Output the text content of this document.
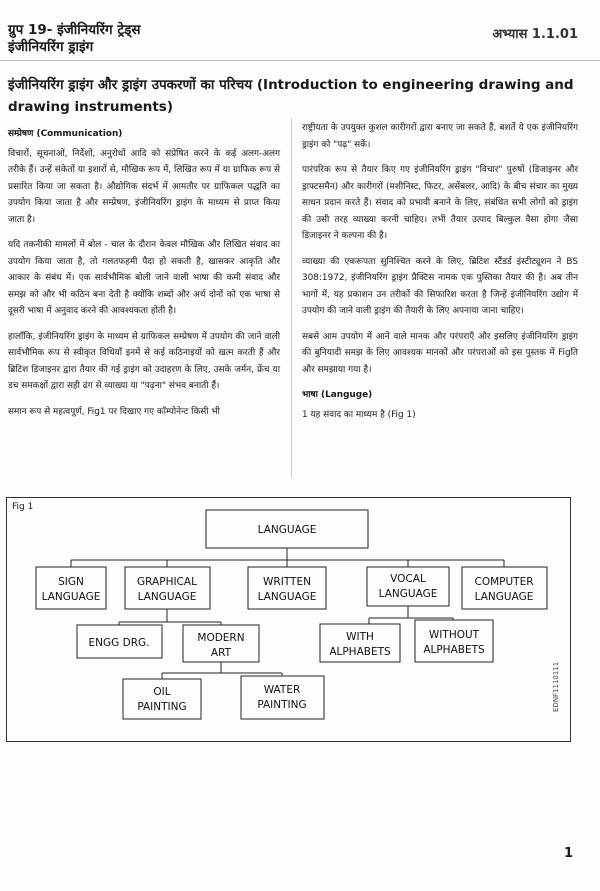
ग्रुप 19- इंजीनियरिंग ट्रेड्स
इंजीनियरिंग ड्राइंग
अभ्यास 1.1.01
इंजीनियरिंग ड्राइंग और ड्राइंग उपकरणों का परिचय (Introduction to engineering drawing and drawing instruments)

सम्प्रेषण (Communication)

विचारों, सूचनाओं, निर्देशों, अनुरोधों आदि को संप्रेषित करने के कई अलग-अलग तरीके हैं। उन्हें संकेतों या इशारों से, मौखिक रूप में, लिखित रूप में या ग्राफिक रूप से प्रसारित किया जा सकता है। औद्योगिक संदर्भ में आमतौर पर ग्राफिकल पद्धति का उपयोग किया जाता है और सम्प्रेषण, इंजीनियरिंग ड्राइंग के माध्यम से प्राप्त किया जाता है।

यदि तकनीकी मामलों में बोल - चाल के दौरान केवल मौखिक और लिखित संवाद का उपयोग किया जाता है, तो गलतफहमी पैदा हो सकती है, खासकर आकृति और आकार के संबंध में। एक सार्वभौमिक बोली जाने वाली भाषा की कमी संवाद और समझ को और भी कठिन बना देती है क्योंकि शब्दों और अर्थ दोनों को एक भाषा से दूसरी भाषा में अनुवाद करने की आवश्यकता होती है।

हालाँकि, इंजीनियरिंग ड्राइंग के माध्यम से ग्राफिकल सम्प्रेषण में उपयोग की जाने वाली सार्वभौमिक रूप से स्वीकृत विधियाँ इनमें से कई कठिनाइयों को खत्म करती हैं और ब्रिटिश डिजाइनर द्वारा तैयार की गई ड्राइंग को उदाहरण के लिए, उसके जर्मन, फ्रेंच या डच समकक्षों द्वारा सही ढंग से व्याख्या या "पढ़ना" संभव बनाती हैं।

समान रूप से महत्वपूर्ण, Fig1 पर दिखाए गए कॉम्पोनेन्ट किसी भी

राष्ट्रीयता के उपयुक्त कुशल कारीगरों द्वारा बनाए जा सकते हैं, बशर्ते ये एक इंजीनियरिंग ड्राइंग को "पढ़" सकें।

पारंपरिक रूप से तैयार किए गए इंजीनियरिंग ड्राइंग "विचार" पुरुषों (डिजाइनर और ड्राफ्टसमैन) और कारीगरों (मशीनिस्ट, फिटर, असेंबलर, आदि) के बीच संचार का मुख्य साधन प्रदान करते हैं। संवाद को प्रभावी बनाने के लिए, संबंधित सभी लोगों को ड्राइंग की उसी तरह व्याख्या करनी चाहिए। तभी तैयार उत्पाद बिल्कुल वैसा होगा जैसा डिजाइनर ने कल्पना की है।

व्याख्या की एकरूपता सुनिश्चित करने के लिए, ब्रिटिश स्टैंडर्ड इंस्टीट्यूशन ने BS 308:1972, इंजीनियरिंग ड्राइंग प्रैक्टिस नामक एक पुस्तिका तैयार की है। अब तीन भागों में, यह प्रकाशन उन तरीकों की सिफारिश करता है जिन्हें इंजीनियरिंग उद्योग में उपयोग की जाने वाली ड्राइंग की तैयारी के लिए अपनाया जाना चाहिए।

सबसे आम उपयोग में आने वाले मानक और परंपराएँ और इसलिए इंजीनियरिंग ड्राइंग की बुनियादी समझ के लिए आवश्यक मानकों और परंपराओं को इस पुस्तक में Figति और समझाया गया है।

भाषा (Languge)

1 यह संवाद का माध्यम है (Fig 1)

Fig 1
LANGUAGE
SIGN
LANGUAGE
GRAPHICAL
LANGUAGE
WRITTEN
LANGUAGE
VOCAL
LANGUAGE
COMPUTER
LANGUAGE
ENGG DRG.	MODERN
ART
WITH
ALPHABETS
WITHOUT
ALPHABETS
OIL
PAINTING
WATER
PAINTING	EDNF1110111
1
